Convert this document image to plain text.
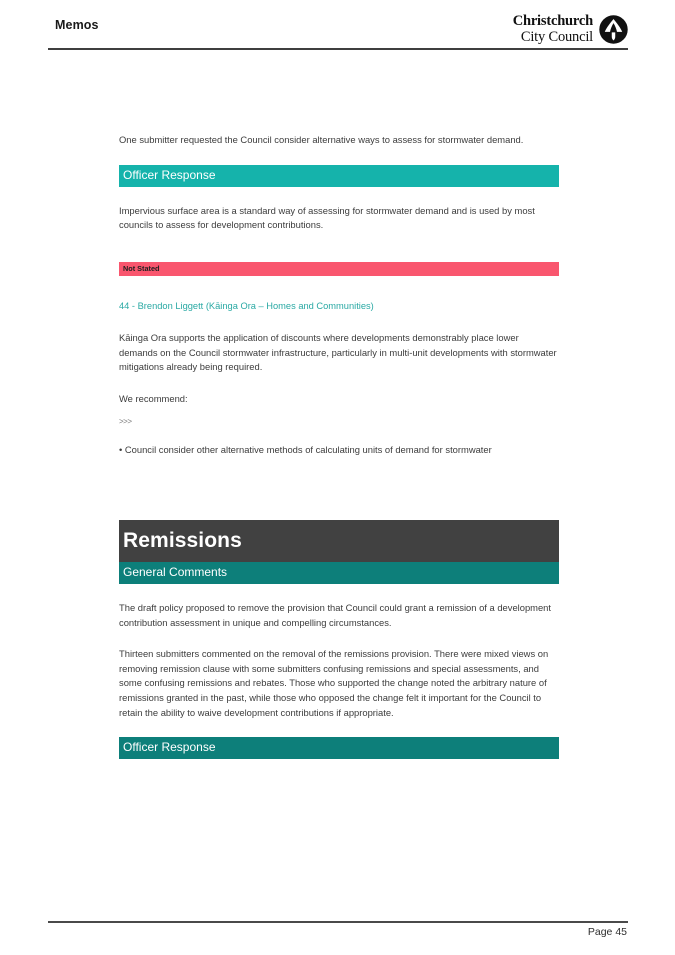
Memos	Christchurch
City Council

One submitter requested the Council consider alternative ways to assess for stormwater demand.

Officer Response

Impervious surface area is a standard way of assessing for stormwater demand and is used by most councils to assess for development contributions.

Not Stated

44 - Brendon Liggett (Kāinga Ora – Homes and Communities)

Kāinga Ora supports the application of discounts where developments demonstrably place lower demands on the Council stormwater infrastructure, particularly in multi-unit developments with stormwater mitigations already being required.

We recommend:

>>>

• Council consider other alternative methods of calculating units of demand for stormwater

Remissions
General Comments

The draft policy proposed to remove the provision that Council could grant a remission of a development contribution assessment in unique and compelling circumstances.

Thirteen submitters commented on the removal of the remissions provision. There were mixed views on removing remission clause with some submitters confusing remissions and special assessments, and some confusing remissions and rebates. Those who supported the change noted the arbitrary nature of remissions granted in the past, while those who opposed the change felt it important for the Council to retain the ability to waive development contributions if appropriate.

Officer Response
Page 45
